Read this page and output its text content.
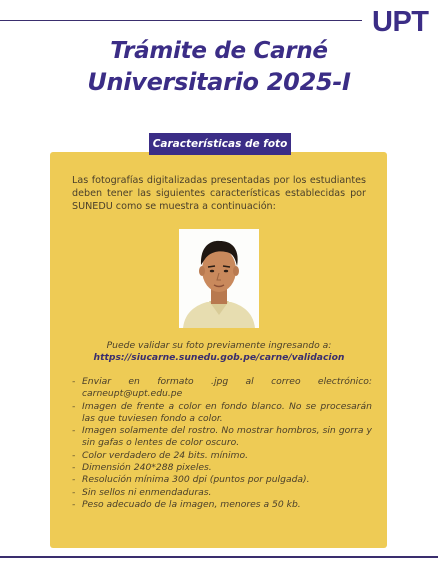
UPT
Trámite de Carné
Universitario 2025-I
Características de foto
Las fotografías digitalizadas presentadas por los estudiantes deben tener las siguientes características establecidas por SUNEDU como se muestra a continuación:
Puede validar su foto previamente ingresando a:
https://siucarne.sunedu.gob.pe/carne/validacion
- Enviar en formato .jpg al correo electrónico: carneupt@upt.edu.pe
- Imagen de frente a color en fondo blanco. No se procesarán las que tuviesen fondo a color.
- Imagen solamente del rostro. No mostrar hombros, sin gorra y sin gafas o lentes de color oscuro.
- Color verdadero de 24 bits. mínimo.
- Dimensión 240*288 pixeles.
- Resolución mínima 300 dpi (puntos por pulgada).
- Sin sellos ni enmendaduras.
- Peso adecuado de la imagen, menores a 50 kb.
